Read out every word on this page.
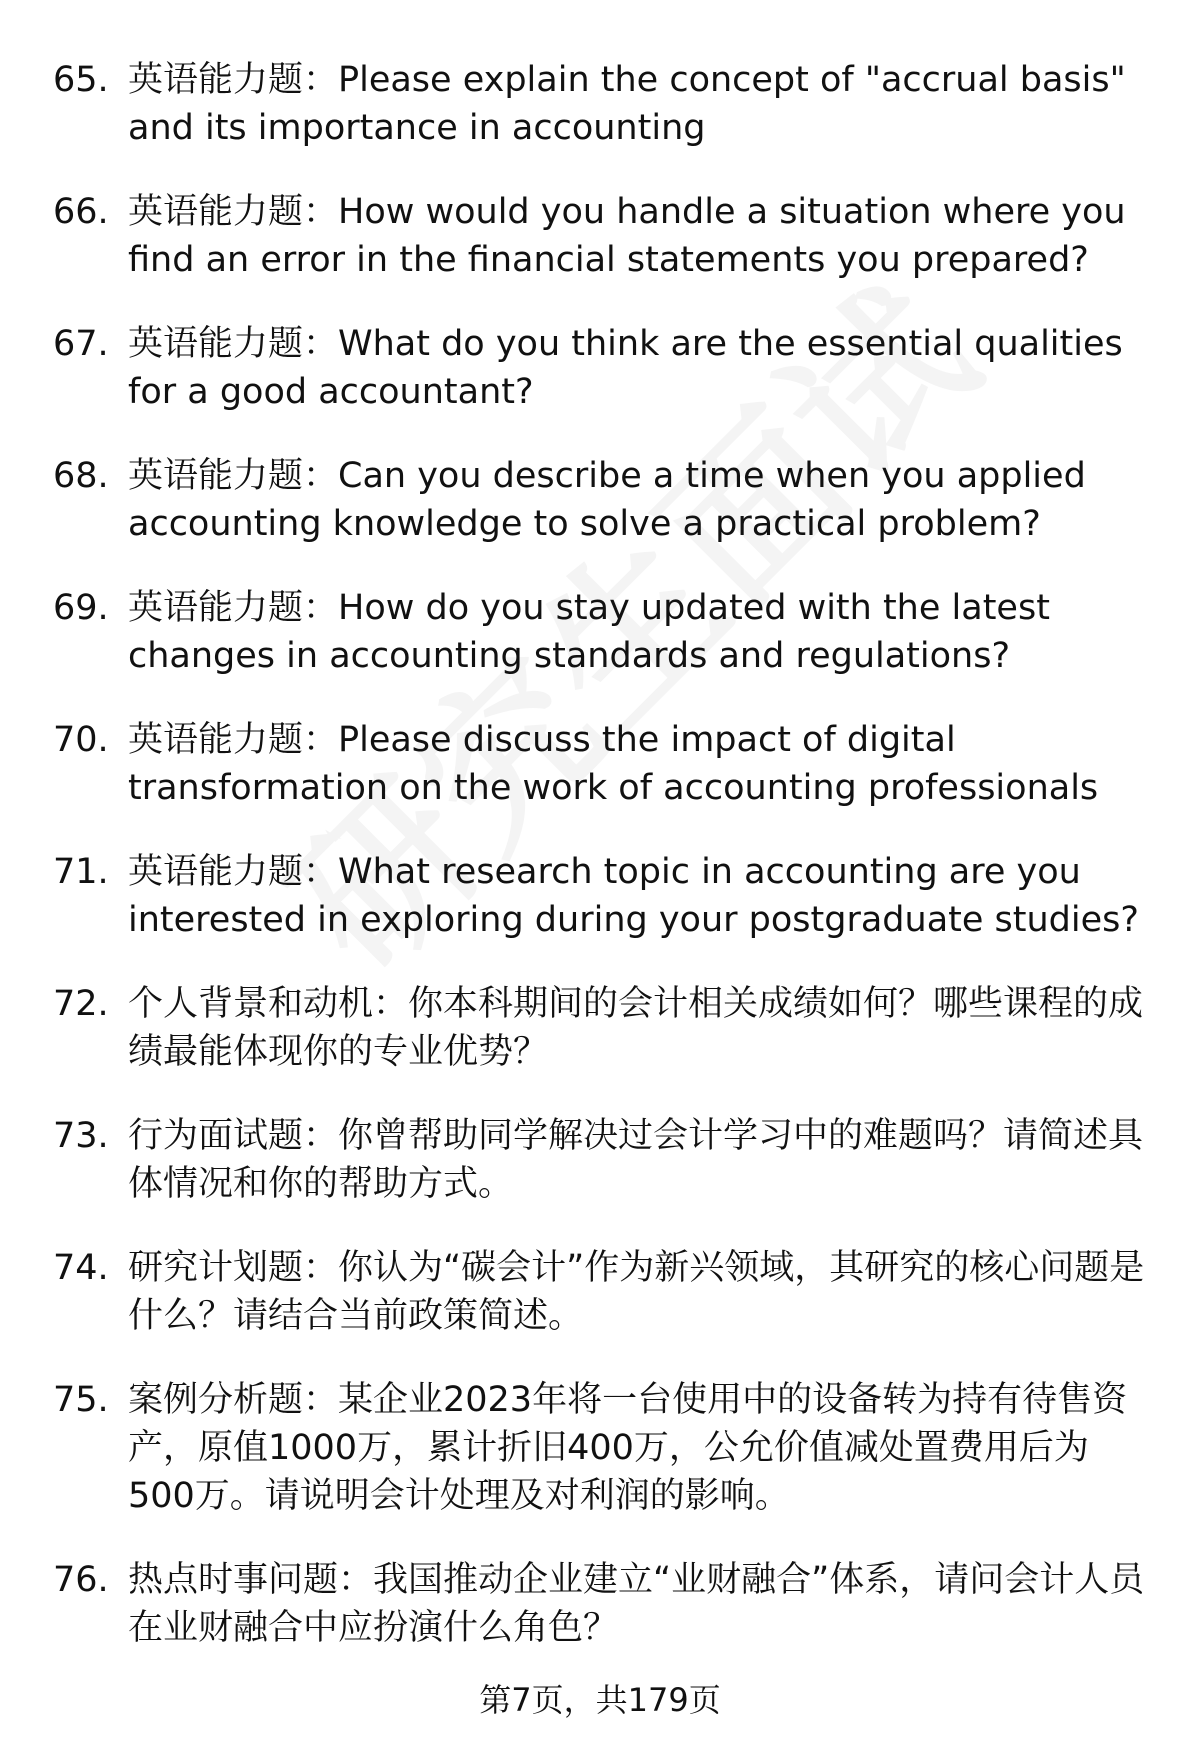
65. 英语能力题：Please explain the concept of "accrual basis" and its importance in accounting
66. 英语能力题：How would you handle a situation where you find an error in the financial statements you prepared?
67. 英语能力题：What do you think are the essential qualities for a good accountant?
68. 英语能力题：Can you describe a time when you applied accounting knowledge to solve a practical problem?
69. 英语能力题：How do you stay updated with the latest changes in accounting standards and regulations?
70. 英语能力题：Please discuss the impact of digital transformation on the work of accounting professionals
71. 英语能力题：What research topic in accounting are you interested in exploring during your postgraduate studies?
72. 个人背景和动机：你本科期间的会计相关成绩如何？哪些课程的成绩最能体现你的专业优势？
73. 行为面试题：你曾帮助同学解决过会计学习中的难题吗？请简述具体情况和你的帮助方式。
74. 研究计划题：你认为“碳会计”作为新兴领域，其研究的核心问题是什么？请结合当前政策简述。
75. 案例分析题：某企业2023年将一台使用中的设备转为持有待售资产，原值1000万，累计折旧400万，公允价值减处置费用后为500万。请说明会计处理及对利润的影响。
76. 热点时事问题：我国推动企业建立“业财融合”体系，请问会计人员在业财融合中应扮演什么角色？
第7页，共179页
